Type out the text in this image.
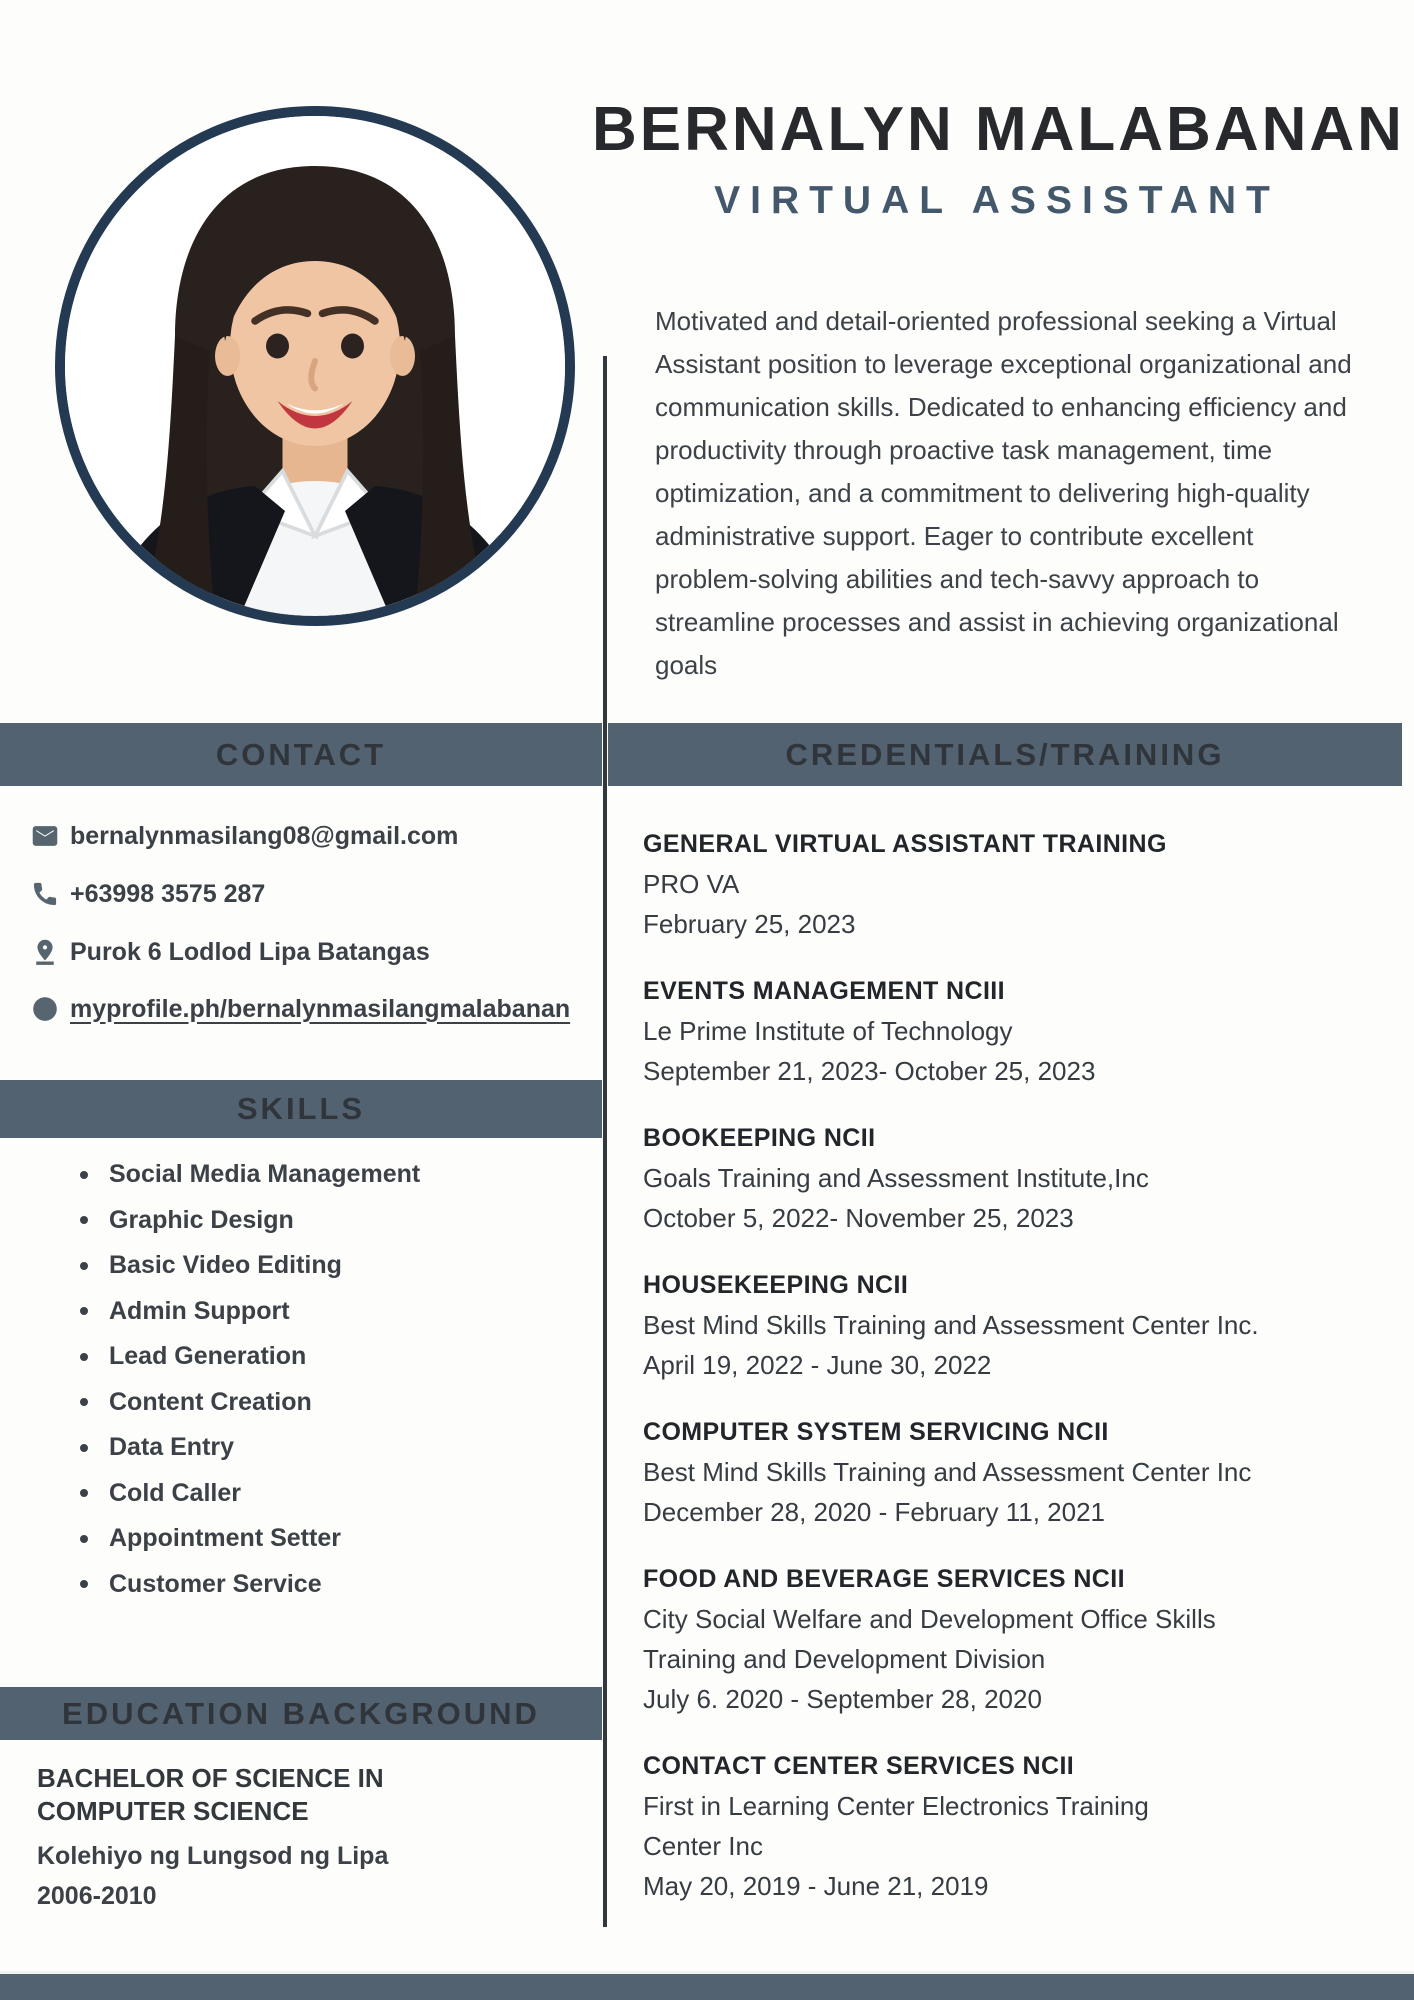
BERNALYN MALABANAN
VIRTUAL ASSISTANT
Motivated and detail-oriented professional seeking a Virtual Assistant position to leverage exceptional organizational and communication skills. Dedicated to enhancing efficiency and productivity through proactive task management, time optimization, and a commitment to delivering high-quality administrative support. Eager to contribute excellent problem-solving abilities and tech-savvy approach to streamline processes and assist in achieving organizational goals
CONTACT
SKILLS
EDUCATION BACKGROUND
CREDENTIALS/TRAINING
bernalynmasilang08@gmail.com
+63998 3575 287
Purok 6 Lodlod Lipa Batangas
myprofile.ph/bernalynmasilangmalabanan
Social Media Management
Graphic Design
Basic Video Editing
Admin Support
Lead Generation
Content Creation
Data Entry
Cold Caller
Appointment Setter
Customer Service
BACHELOR OF SCIENCE IN COMPUTER SCIENCE
Kolehiyo ng Lungsod ng Lipa
2006-2010
GENERAL VIRTUAL ASSISTANT TRAINING
PRO VA
February 25, 2023
EVENTS MANAGEMENT NCIII
Le Prime Institute of Technology
September 21, 2023- October 25, 2023
BOOKEEPING NCII
Goals Training and Assessment Institute,Inc
October 5, 2022- November 25, 2023
HOUSEKEEPING NCII
Best Mind Skills Training and Assessment Center Inc.
April 19, 2022 - June 30, 2022
COMPUTER SYSTEM SERVICING NCII
Best Mind Skills Training and Assessment Center Inc
December 28, 2020 - February 11, 2021
FOOD AND BEVERAGE SERVICES NCII
City Social Welfare and Development Office Skills
Training and Development Division
July 6. 2020 - September 28, 2020
CONTACT CENTER SERVICES NCII
First in Learning Center Electronics Training
Center Inc
May 20, 2019 - June 21, 2019
